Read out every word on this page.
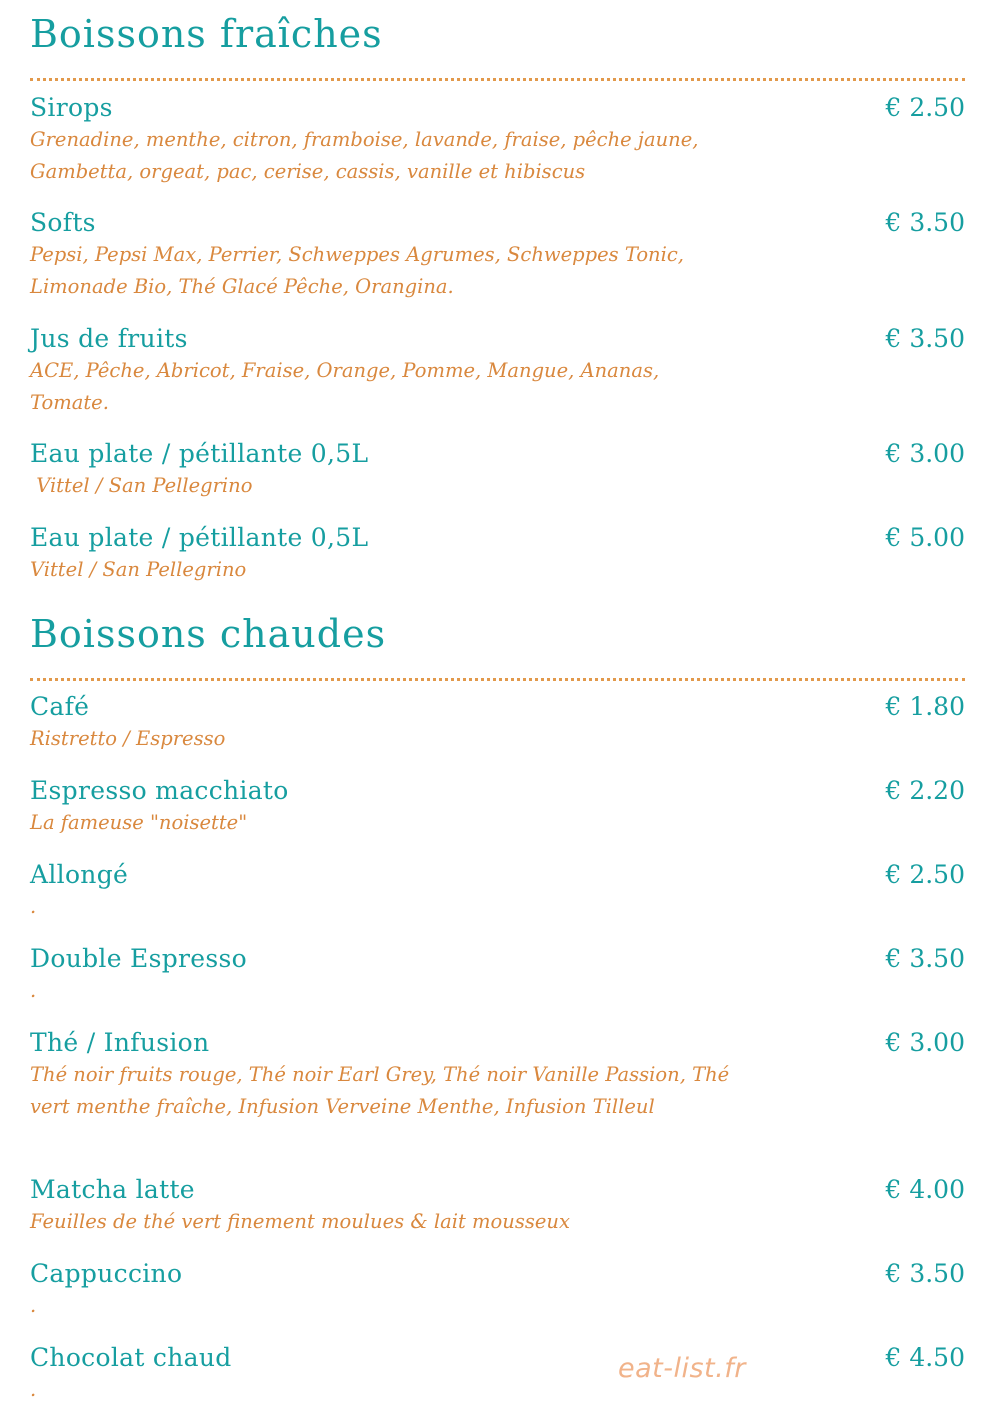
Boissons fraîches
Sirops	€ 2.50
Grenadine, menthe, citron, framboise, lavande, fraise, pêche jaune, Gambetta, orgeat, pac, cerise, cassis, vanille et hibiscus
Softs	€ 3.50
Pepsi, Pepsi Max, Perrier, Schweppes Agrumes, Schweppes Tonic, Limonade Bio, Thé Glacé Pêche, Orangina.
Jus de fruits	€ 3.50
ACE, Pêche, Abricot, Fraise, Orange, Pomme, Mangue, Ananas, Tomate.
Eau plate / pétillante 0,5L	€ 3.00
Vittel / San Pellegrino
Eau plate / pétillante 0,5L	€ 5.00
Vittel / San Pellegrino
Boissons chaudes
Café	€ 1.80
Ristretto / Espresso
Espresso macchiato	€ 2.20
La fameuse "noisette"
Allongé	€ 2.50
.
Double Espresso	€ 3.50
.
Thé / Infusion	€ 3.00
Thé noir fruits rouge, Thé noir Earl Grey, Thé noir Vanille Passion, Thé vert menthe fraîche, Infusion Verveine Menthe, Infusion Tilleul
Matcha latte	€ 4.00
Feuilles de thé vert finement moulues & lait mousseux
Cappuccino	€ 3.50
.
Chocolat chaud	€ 4.50
.
eat-list.fr
